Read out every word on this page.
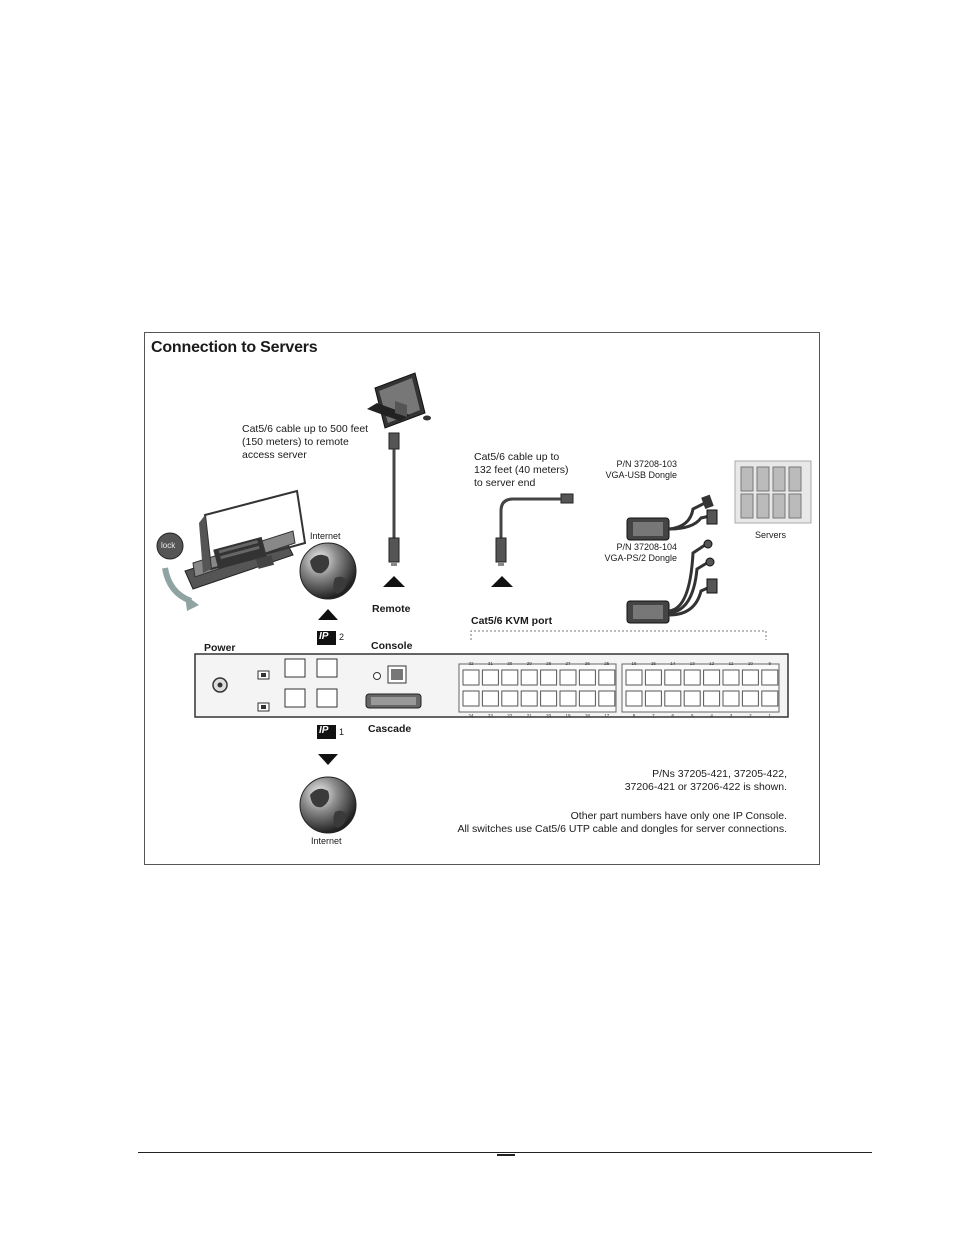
32	31	30	29	28	27	26	25
24	23	22	21	20	19	18	17
16	15	14	13	12	11	10	9
8	7	6	5	4	3	2	1
Connection to Servers
Cat5/6 cable up to 500 feet
(150 meters) to remote
access server	Cat5/6 cable up to
132 feet (40 meters)
to server end
P/N 37208-103
VGA-USB Dongle
P/N 37208-104
VGA-PS/2 Dongle
Servers
Internet
Internet
lock
Remote
Console
Cascade
Power
Cat5/6 KVM port
IP 2
IP 1
P/Ns 37205-421, 37205-422,
37206-421 or 37206-422 is shown.
Other part numbers have only one IP Console.
All switches use Cat5/6 UTP cable and dongles for server connections.
